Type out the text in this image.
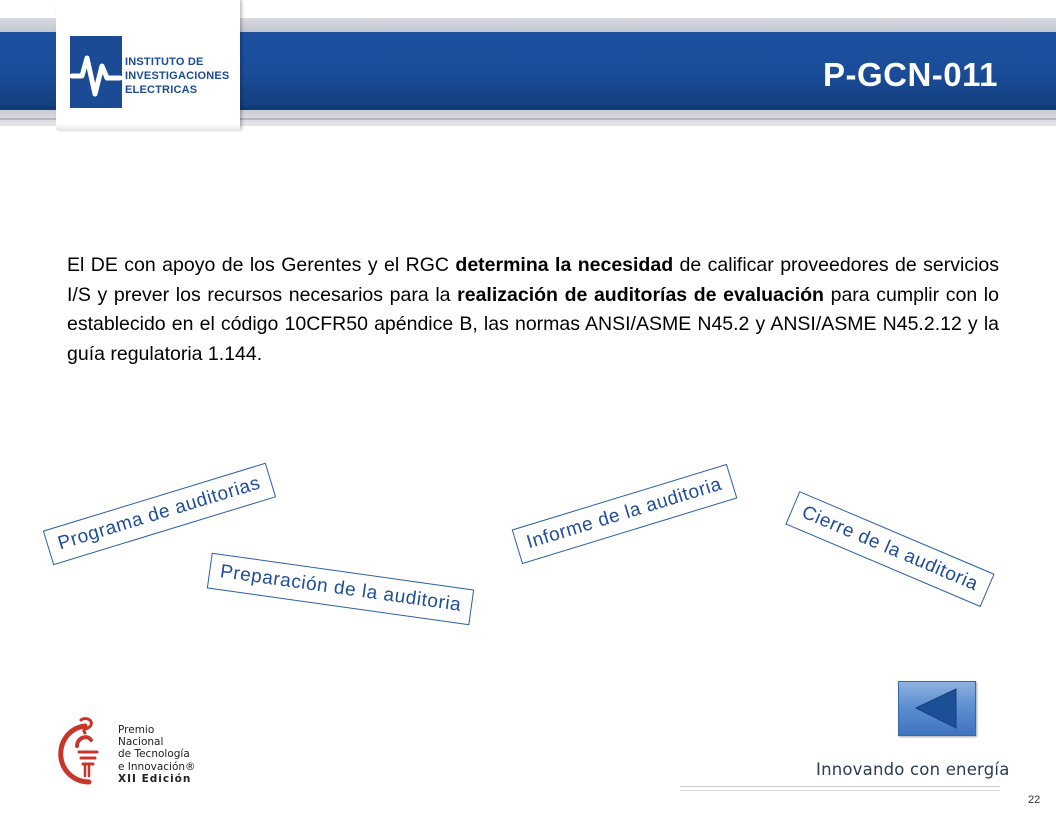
INSTITUTO DE
INVESTIGACIONES
ELECTRICAS	P-GCN-011

El DE con apoyo de los Gerentes y el RGC determina la necesidad de calificar proveedores de servicios I/S y prever los recursos necesarios para la realización de auditorías de evaluación para cumplir con lo establecido en el código 10CFR50 apéndice B, las normas ANSI/ASME N45.2 y ANSI/ASME N45.2.12 y la guía regulatoria 1.144.

Programa de auditorias
Preparación de la auditoria
Informe de la auditoria	Cierre de la auditoria
Premio
Nacional
de Tecnología
e Innovación®
XII Edición	Innovando con energía
22
